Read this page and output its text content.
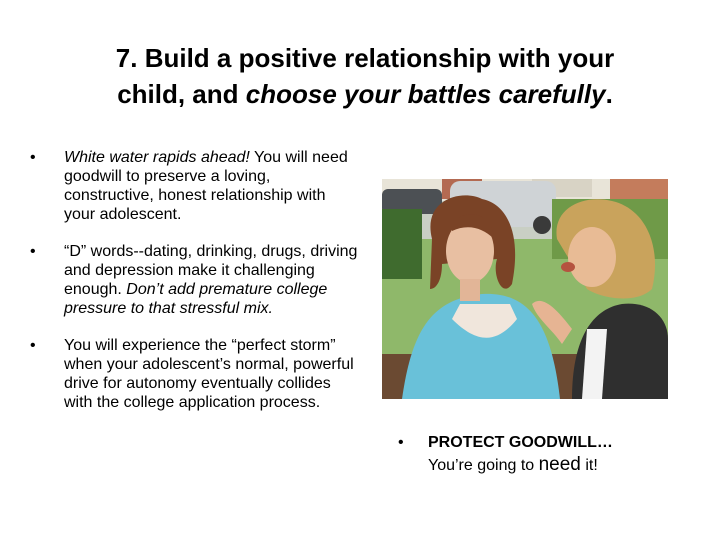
7. Build a positive relationship with your
child, and choose your battles carefully.
• White water rapids ahead! You will need goodwill to preserve a loving, constructive, honest relationship with your adolescent.
• “D” words--dating, drinking, drugs, driving and depression make it challenging enough. Don’t add premature college pressure to that stressful mix.
• You will experience the “perfect storm” when your adolescent’s normal, powerful drive for autonomy eventually collides with the college application process.
• PROTECT GOODWILL…
You’re going to need it!
